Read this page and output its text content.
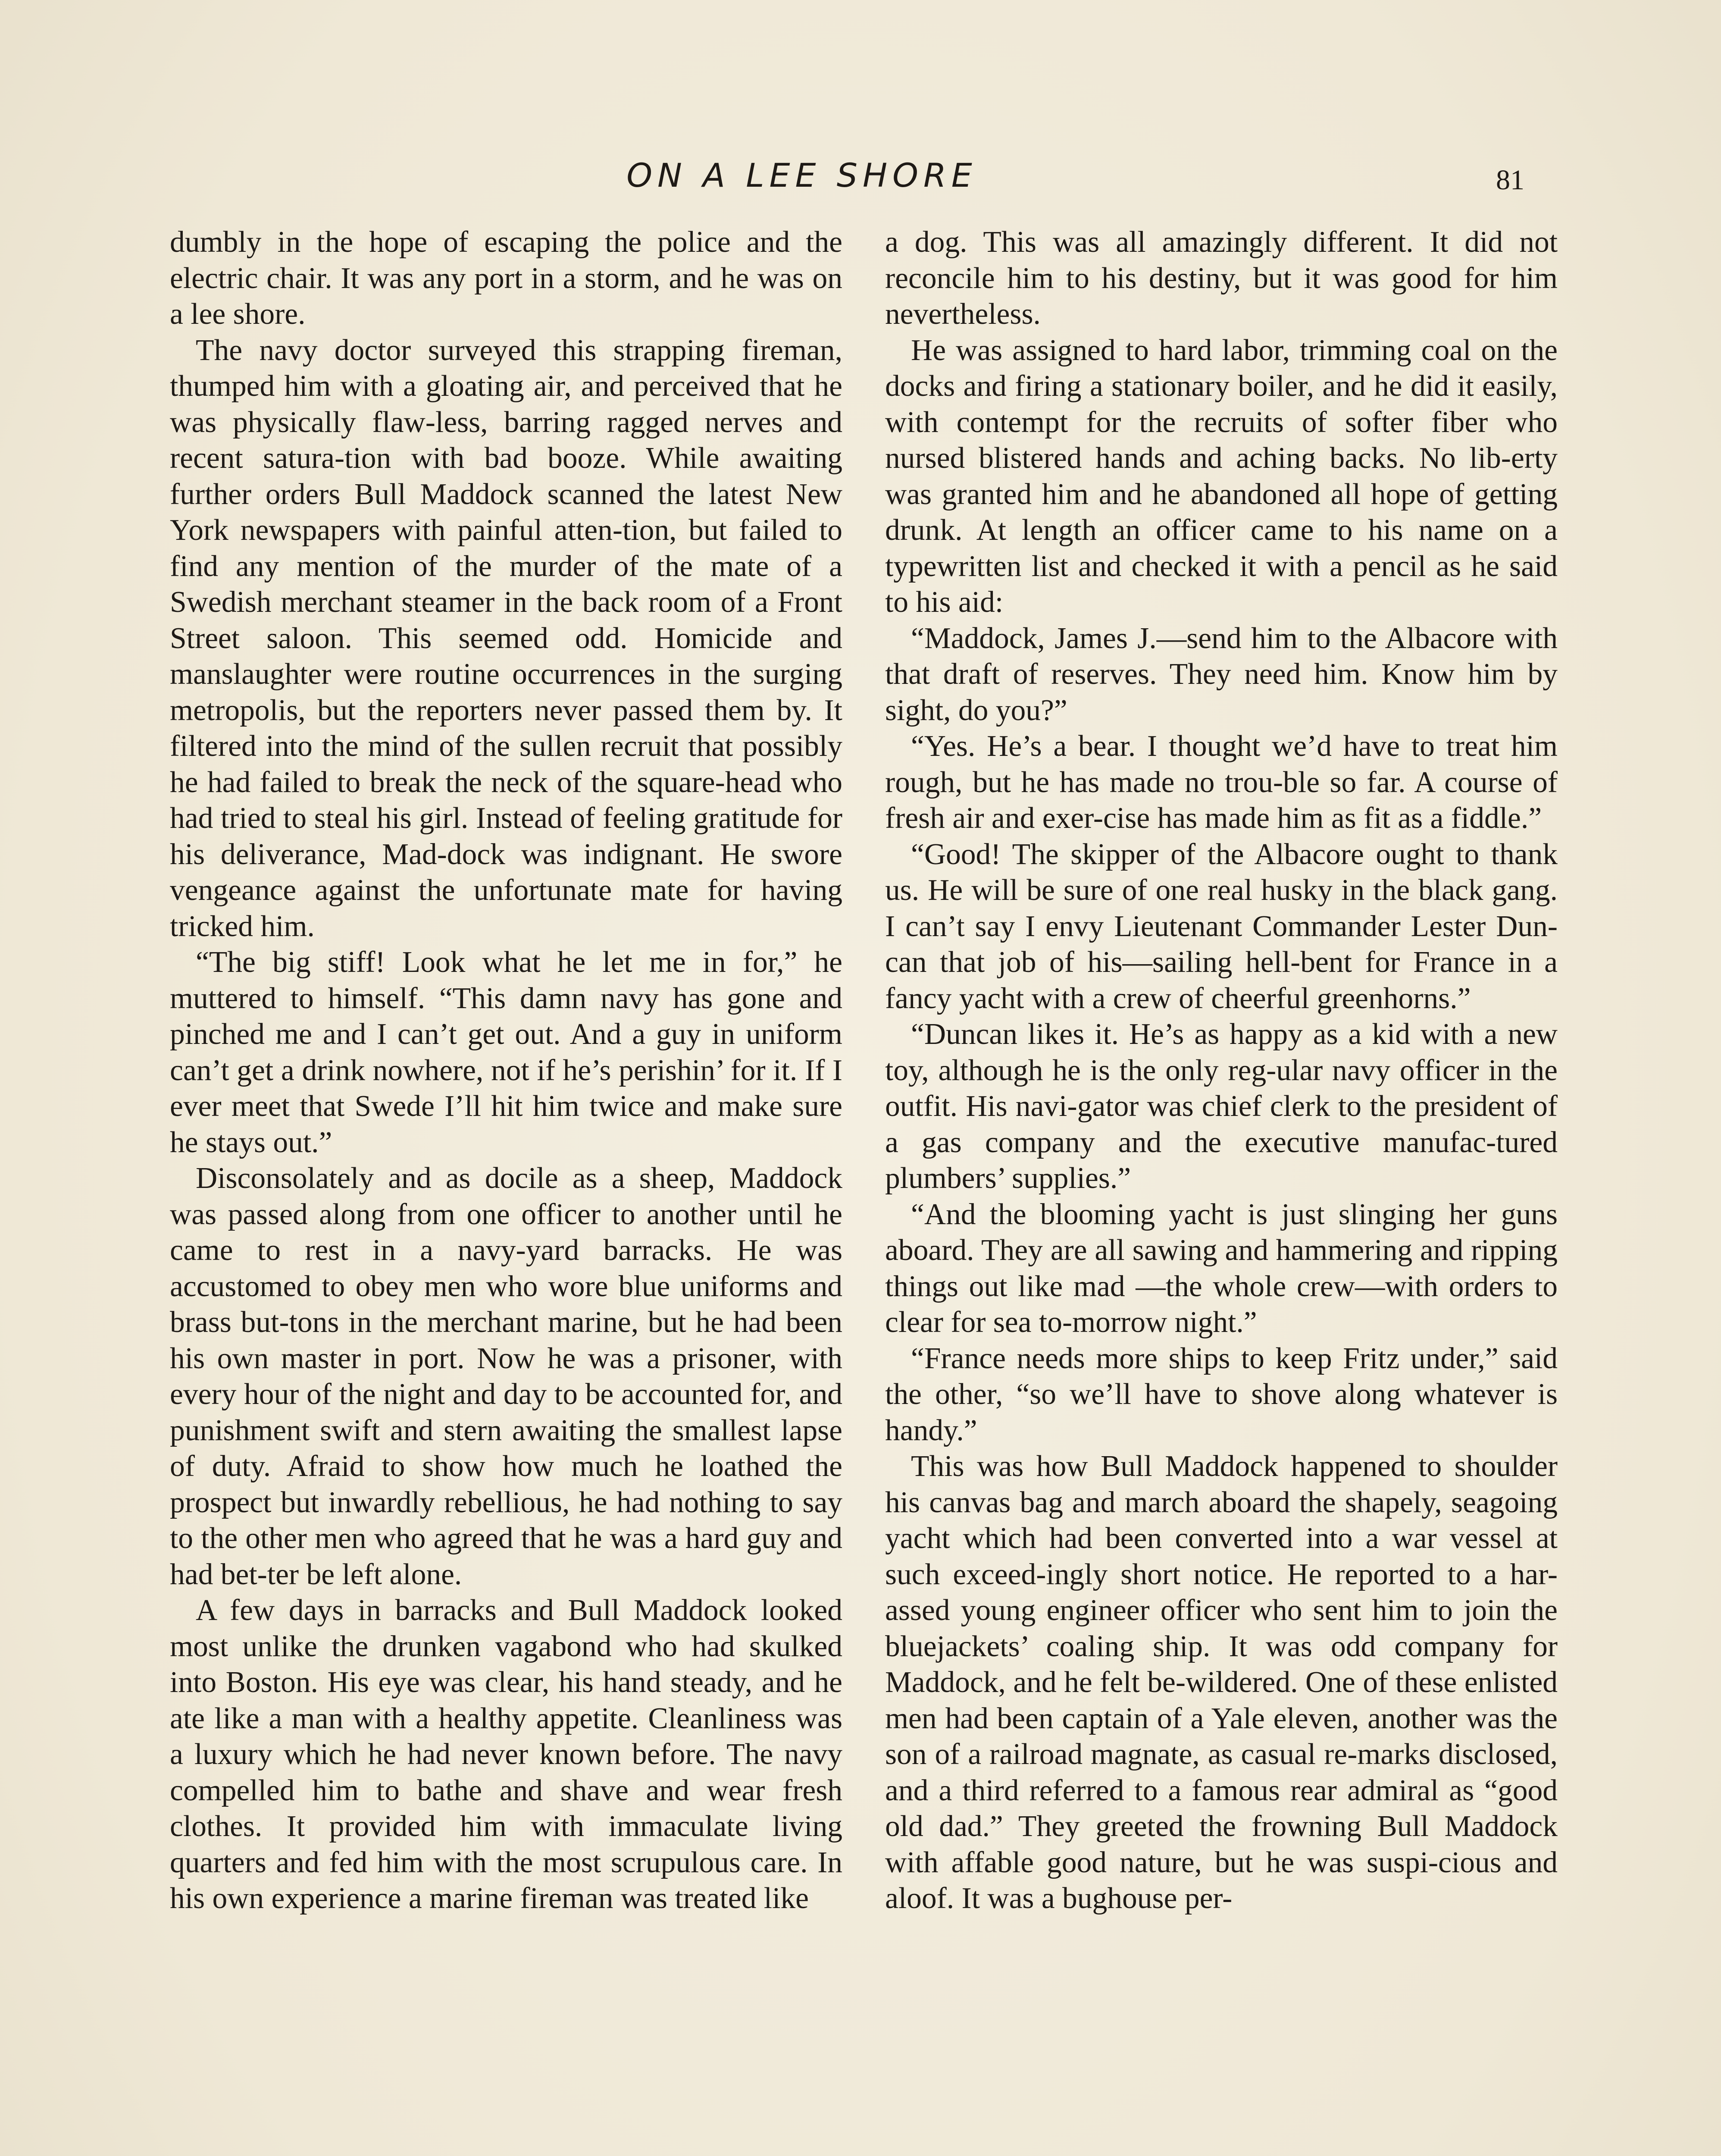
ON A LEE SHORE	81

dumbly in the hope of escaping the police and the electric chair. It was any port in a storm, and he was on a lee shore.

The navy doctor surveyed this strapping fireman, thumped him with a gloating air, and perceived that he was physically flaw-less, barring ragged nerves and recent satura-tion with bad booze. While awaiting further orders Bull Maddock scanned the latest New York newspapers with painful atten-tion, but failed to find any mention of the murder of the mate of a Swedish merchant steamer in the back room of a Front Street saloon. This seemed odd. Homicide and manslaughter were routine occurrences in the surging metropolis, but the reporters never passed them by. It filtered into the mind of the sullen recruit that possibly he had failed to break the neck of the square-head who had tried to steal his girl. Instead of feeling gratitude for his deliverance, Mad-dock was indignant. He swore vengeance against the unfortunate mate for having tricked him.

“The big stiff! Look what he let me in for,” he muttered to himself. “This damn navy has gone and pinched me and I can’t get out. And a guy in uniform can’t get a drink nowhere, not if he’s perishin’ for it. If I ever meet that Swede I’ll hit him twice and make sure he stays out.”

Disconsolately and as docile as a sheep, Maddock was passed along from one officer to another until he came to rest in a navy-yard barracks. He was accustomed to obey men who wore blue uniforms and brass but-tons in the merchant marine, but he had been his own master in port. Now he was a prisoner, with every hour of the night and day to be accounted for, and punishment swift and stern awaiting the smallest lapse of duty. Afraid to show how much he loathed the prospect but inwardly rebellious, he had nothing to say to the other men who agreed that he was a hard guy and had bet-ter be left alone.

A few days in barracks and Bull Maddock looked most unlike the drunken vagabond who had skulked into Boston. His eye was clear, his hand steady, and he ate like a man with a healthy appetite. Cleanliness was a luxury which he had never known before. The navy compelled him to bathe and shave and wear fresh clothes. It provided him with immaculate living quarters and fed him with the most scrupulous care. In his own experience a marine fireman was treated like

a dog. This was all amazingly different. It did not reconcile him to his destiny, but it was good for him nevertheless.

He was assigned to hard labor, trimming coal on the docks and firing a stationary boiler, and he did it easily, with contempt for the recruits of softer fiber who nursed blistered hands and aching backs. No lib-erty was granted him and he abandoned all hope of getting drunk. At length an officer came to his name on a typewritten list and checked it with a pencil as he said to his aid:

“Maddock, James J.—send him to the Albacore with that draft of reserves. They need him. Know him by sight, do you?”

“Yes. He’s a bear. I thought we’d have to treat him rough, but he has made no trou-ble so far. A course of fresh air and exer-cise has made him as fit as a fiddle.”

“Good! The skipper of the Albacore ought to thank us. He will be sure of one real husky in the black gang. I can’t say I envy Lieutenant Commander Lester Dun-can that job of his—sailing hell-bent for France in a fancy yacht with a crew of cheerful greenhorns.”

“Duncan likes it. He’s as happy as a kid with a new toy, although he is the only reg-ular navy officer in the outfit. His navi-gator was chief clerk to the president of a gas company and the executive manufac-tured plumbers’ supplies.”

“And the blooming yacht is just slinging her guns aboard. They are all sawing and hammering and ripping things out like mad —the whole crew—with orders to clear for sea to-morrow night.”

“France needs more ships to keep Fritz under,” said the other, “so we’ll have to shove along whatever is handy.”

This was how Bull Maddock happened to shoulder his canvas bag and march aboard the shapely, seagoing yacht which had been converted into a war vessel at such exceed-ingly short notice. He reported to a har-assed young engineer officer who sent him to join the bluejackets’ coaling ship. It was odd company for Maddock, and he felt be-wildered. One of these enlisted men had been captain of a Yale eleven, another was the son of a railroad magnate, as casual re-marks disclosed, and a third referred to a famous rear admiral as “good old dad.” They greeted the frowning Bull Maddock with affable good nature, but he was suspi-cious and aloof. It was a bughouse per-
